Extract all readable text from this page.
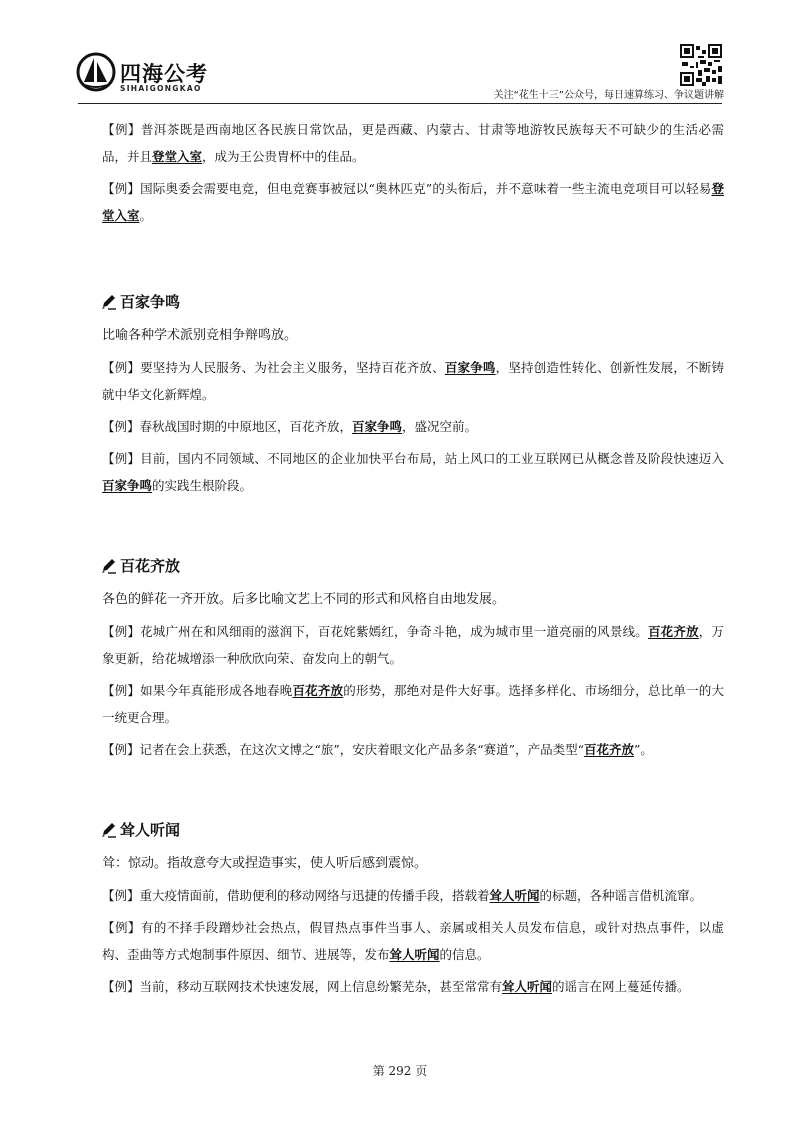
四海公考
SIHAIGONGKAO
关注“花生十三”公众号，每日速算练习、争议题讲解

【例】普洱茶既是西南地区各民族日常饮品，更是西藏、内蒙古、甘肃等地游牧民族每天不可缺少的生活必需品，并且登堂入室，成为王公贵胄杯中的佳品。

【例】国际奥委会需要电竞，但电竞赛事被冠以“奥林匹克”的头衔后，并不意味着一些主流电竞项目可以轻易登堂入室。

百家争鸣

比喻各种学术派别竞相争辩鸣放。

【例】要坚持为人民服务、为社会主义服务，坚持百花齐放、百家争鸣，坚持创造性转化、创新性发展，不断铸就中华文化新辉煌。

【例】春秋战国时期的中原地区，百花齐放，百家争鸣，盛况空前。

【例】目前，国内不同领域、不同地区的企业加快平台布局，站上风口的工业互联网已从概念普及阶段快速迈入百家争鸣的实践生根阶段。

百花齐放

各色的鲜花一齐开放。后多比喻文艺上不同的形式和风格自由地发展。

【例】花城广州在和风细雨的滋润下，百花姹紫嫣红，争奇斗艳，成为城市里一道亮丽的风景线。百花齐放，万象更新，给花城增添一种欣欣向荣、奋发向上的朝气。

【例】如果今年真能形成各地春晚百花齐放的形势，那绝对是件大好事。选择多样化、市场细分，总比单一的大一统更合理。

【例】记者在会上获悉，在这次文博之“旅”，安庆着眼文化产品多条“赛道”，产品类型“百花齐放”。

耸人听闻

耸：惊动。指故意夸大或捏造事实，使人听后感到震惊。

【例】重大疫情面前，借助便利的移动网络与迅捷的传播手段，搭载着耸人听闻的标题，各种谣言借机流窜。

【例】有的不择手段蹭炒社会热点，假冒热点事件当事人、亲属或相关人员发布信息，或针对热点事件，以虚构、歪曲等方式炮制事件原因、细节、进展等，发布耸人听闻的信息。

【例】当前，移动互联网技术快速发展，网上信息纷繁芜杂，甚至常常有耸人听闻的谣言在网上蔓延传播。

第 292 页
